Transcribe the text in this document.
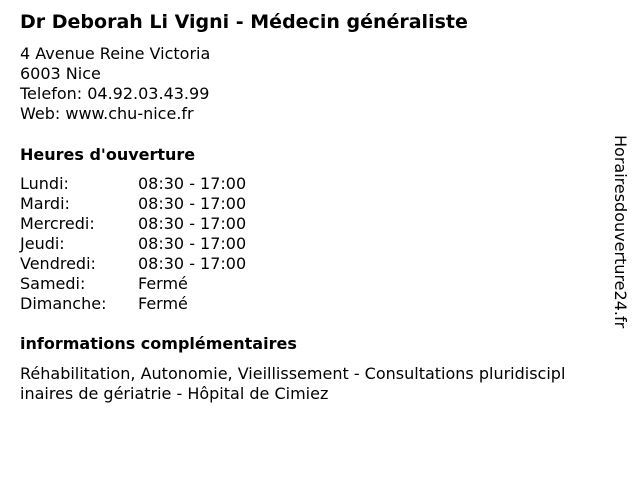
Dr Deborah Li Vigni - Médecin généraliste
4 Avenue Reine Victoria
6003 Nice
Telefon: 04.92.03.43.99
Web: www.chu-nice.fr
Heures d'ouverture
Lundi:	08:30 - 17:00
Mardi:	08:30 - 17:00
Mercredi:	08:30 - 17:00
Jeudi:	08:30 - 17:00
Vendredi:	08:30 - 17:00
Samedi:	Fermé
Dimanche:	Fermé
informations complémentaires
Réhabilitation, Autonomie, Vieillissement - Consultations pluridiscipl
inaires de gériatrie - Hôpital de Cimiez
Horairesdouverture24.fr
